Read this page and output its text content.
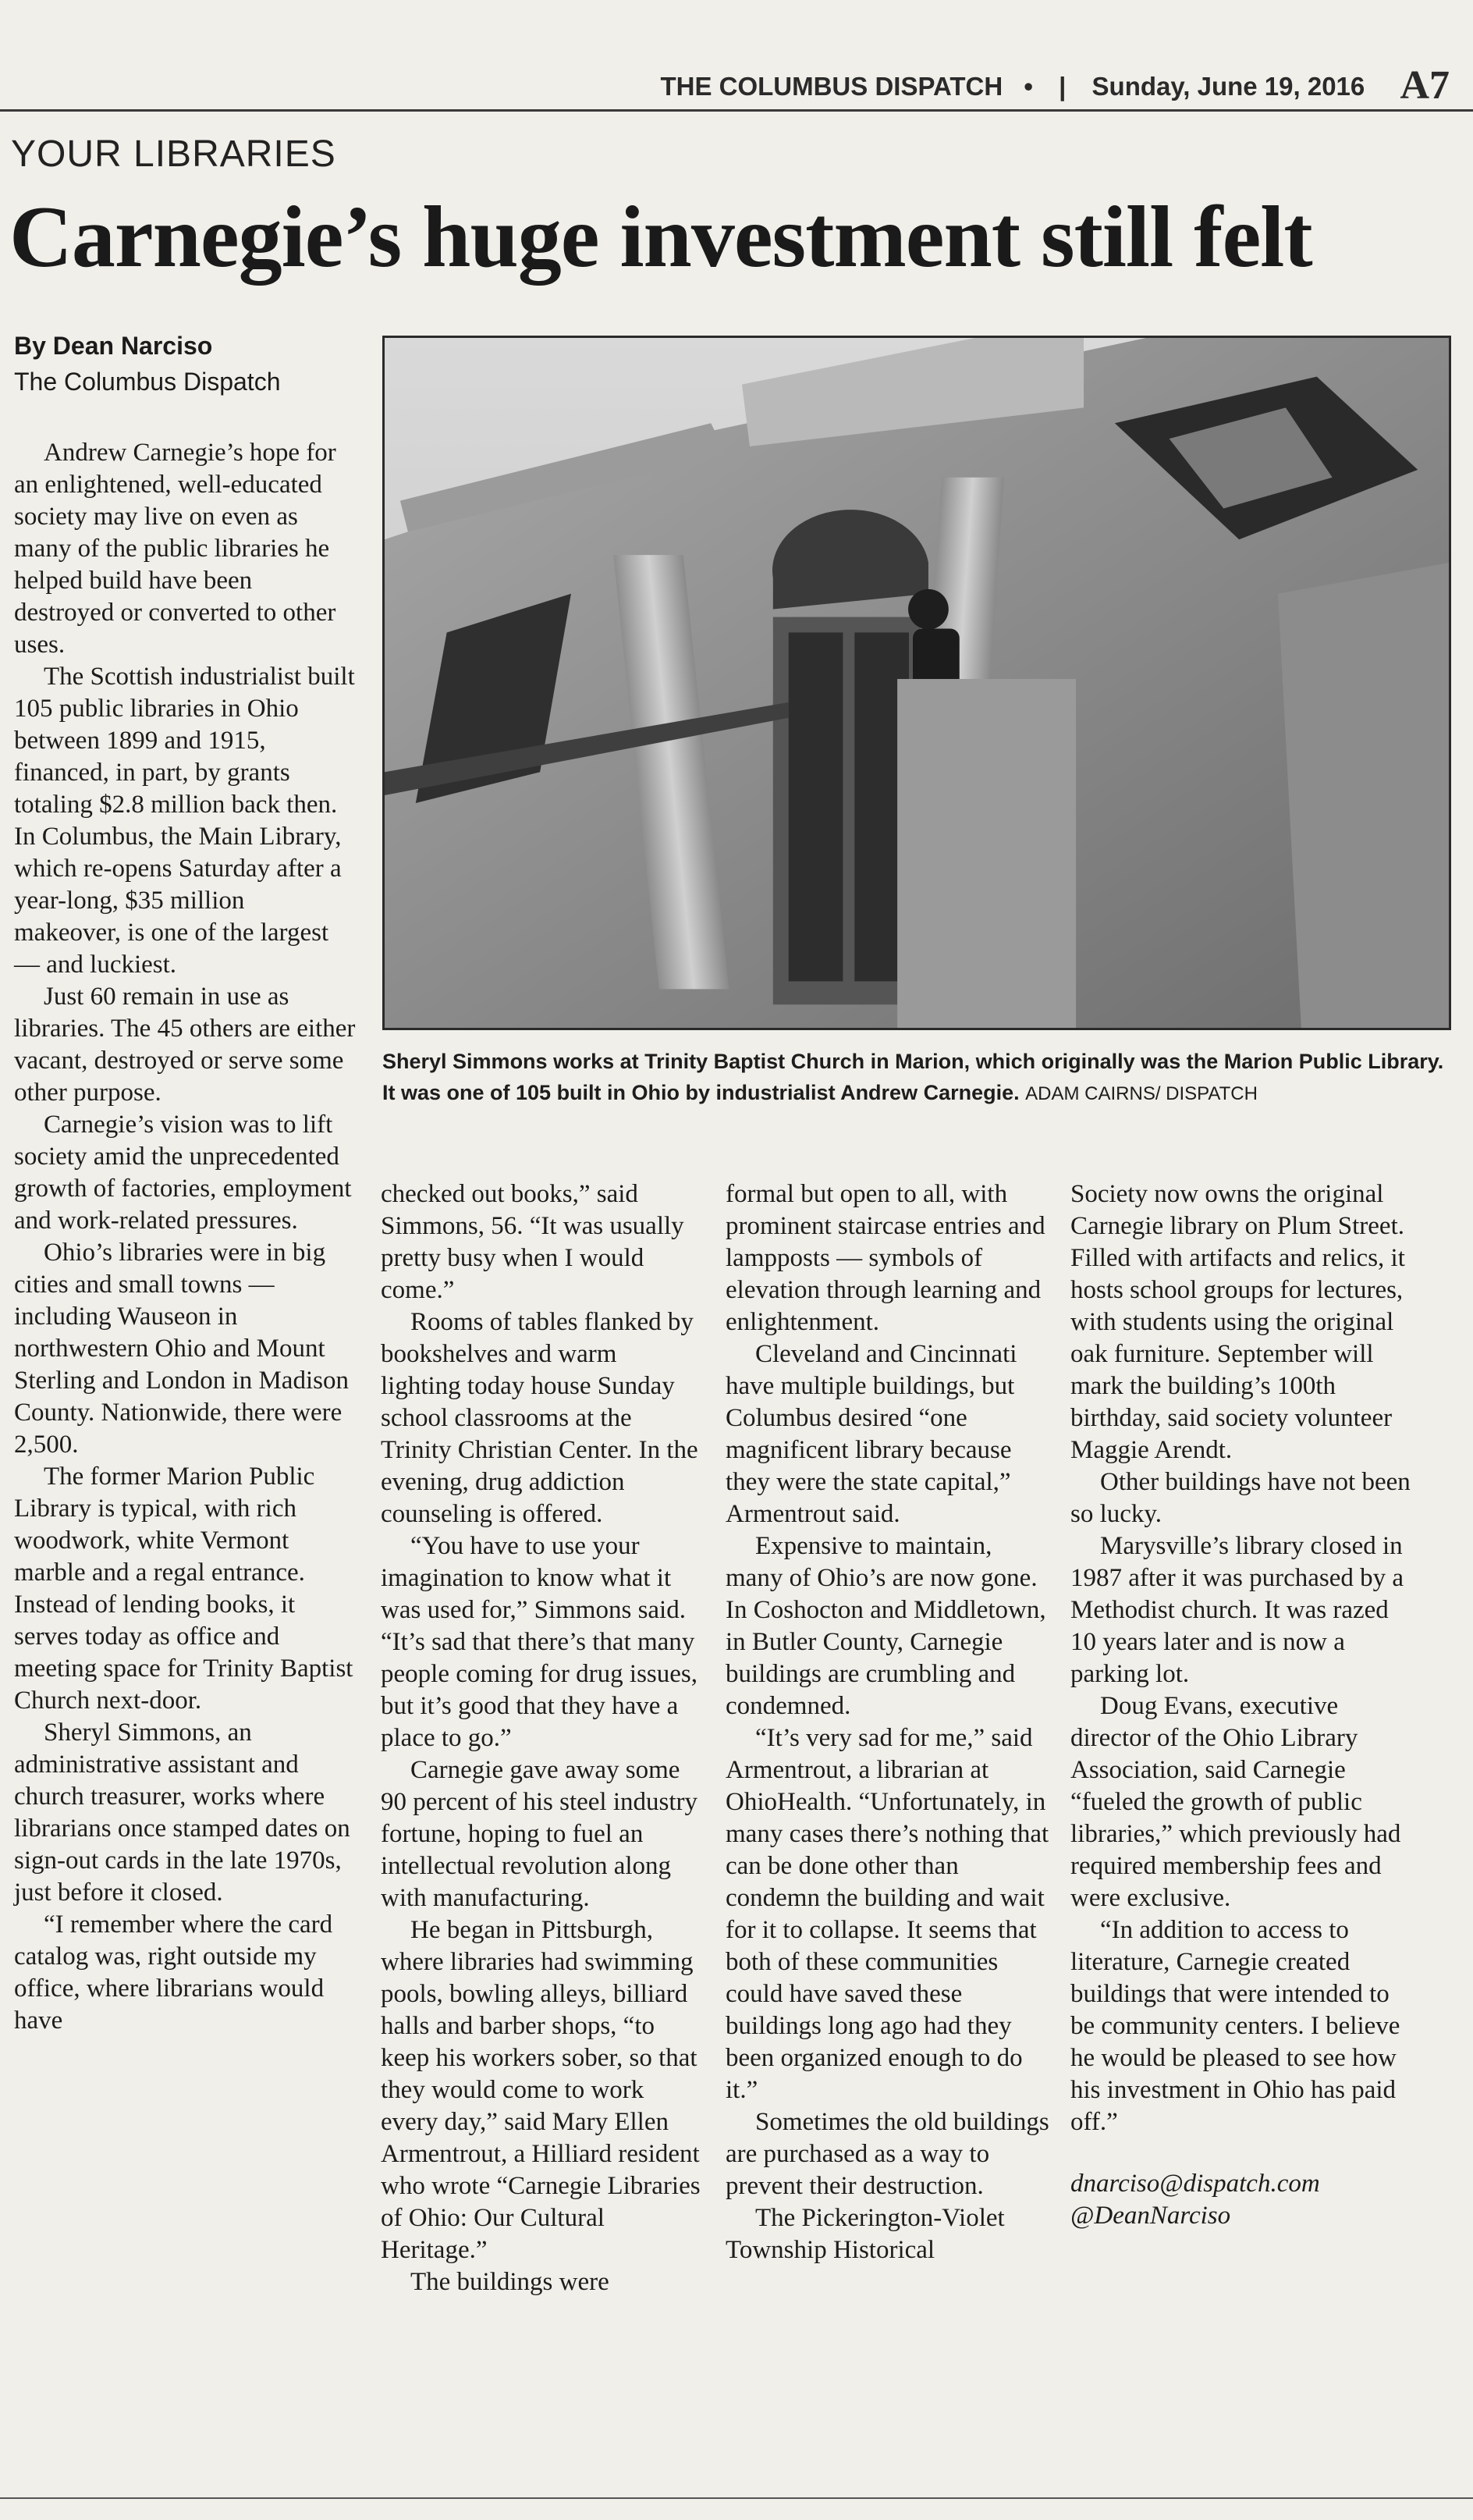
THE COLUMBUS DISPATCH • | Sunday, June 19, 2016 A7
YOUR LIBRARIES
Carnegie’s huge investment still felt
By Dean Narciso
The Columbus Dispatch
Sheryl Simmons works at Trinity Baptist Church in Marion, which originally was the Marion Public Library. It was one of 105 built in Ohio by industrialist Andrew Carnegie. ADAM CAIRNS/ DISPATCH

Andrew Carnegie’s hope for an enlightened, well-educated society may live on even as many of the public libraries he helped build have been destroyed or converted to other uses.

The Scottish industrialist built 105 public libraries in Ohio between 1899 and 1915, financed, in part, by grants totaling $2.8 million back then. In Columbus, the Main Library, which re-opens Saturday after a year-long, $35 million makeover, is one of the largest — and luckiest.

Just 60 remain in use as libraries. The 45 others are either vacant, destroyed or serve some other purpose.

Carnegie’s vision was to lift society amid the unprecedented growth of factories, employment and work-related pressures.

Ohio’s libraries were in big cities and small towns — including Wauseon in northwestern Ohio and Mount Sterling and London in Madison County. Nationwide, there were 2,500.

The former Marion Public Library is typical, with rich woodwork, white Vermont marble and a regal entrance. Instead of lending books, it serves today as office and meeting space for Trinity Baptist Church next-door.

Sheryl Simmons, an administrative assistant and church treasurer, works where librarians once stamped dates on sign-out cards in the late 1970s, just before it closed.

“I remember where the card catalog was, right outside my office, where librarians would have

checked out books,” said Simmons, 56. “It was usually pretty busy when I would come.”

Rooms of tables flanked by bookshelves and warm lighting today house Sunday school classrooms at the Trinity Christian Center. In the evening, drug addiction counseling is offered.

“You have to use your imagination to know what it was used for,” Simmons said. “It’s sad that there’s that many people coming for drug issues, but it’s good that they have a place to go.”

Carnegie gave away some 90 percent of his steel industry fortune, hoping to fuel an intellectual revolution along with manufacturing.

He began in Pittsburgh, where libraries had swimming pools, bowling alleys, billiard halls and barber shops, “to keep his workers sober, so that they would come to work every day,” said Mary Ellen Armentrout, a Hilliard resident who wrote “Carnegie Libraries of Ohio: Our Cultural Heritage.”

The buildings were

formal but open to all, with prominent staircase entries and lampposts — symbols of elevation through learning and enlightenment.

Cleveland and Cincinnati have multiple buildings, but Columbus desired “one magnificent library because they were the state capital,” Armentrout said.

Expensive to maintain, many of Ohio’s are now gone. In Coshocton and Middletown, in Butler County, Carnegie buildings are crumbling and condemned.

“It’s very sad for me,” said Armentrout, a librarian at OhioHealth. “Unfortunately, in many cases there’s nothing that can be done other than condemn the building and wait for it to collapse. It seems that both of these communities could have saved these buildings long ago had they been organized enough to do it.”

Sometimes the old buildings are purchased as a way to prevent their destruction.

The Pickerington-Violet Township Historical

Society now owns the original Carnegie library on Plum Street. Filled with artifacts and relics, it hosts school groups for lectures, with students using the original oak furniture. September will mark the building’s 100th birthday, said society volunteer Maggie Arendt.

Other buildings have not been so lucky.

Marysville’s library closed in 1987 after it was purchased by a Methodist church. It was razed 10 years later and is now a parking lot.

Doug Evans, executive director of the Ohio Library Association, said Carnegie “fueled the growth of public libraries,” which previously had required membership fees and were exclusive.

“In addition to access to literature, Carnegie created buildings that were intended to be community centers. I believe he would be pleased to see how his investment in Ohio has paid off.”

dnarciso@dispatch.com

@DeanNarciso
